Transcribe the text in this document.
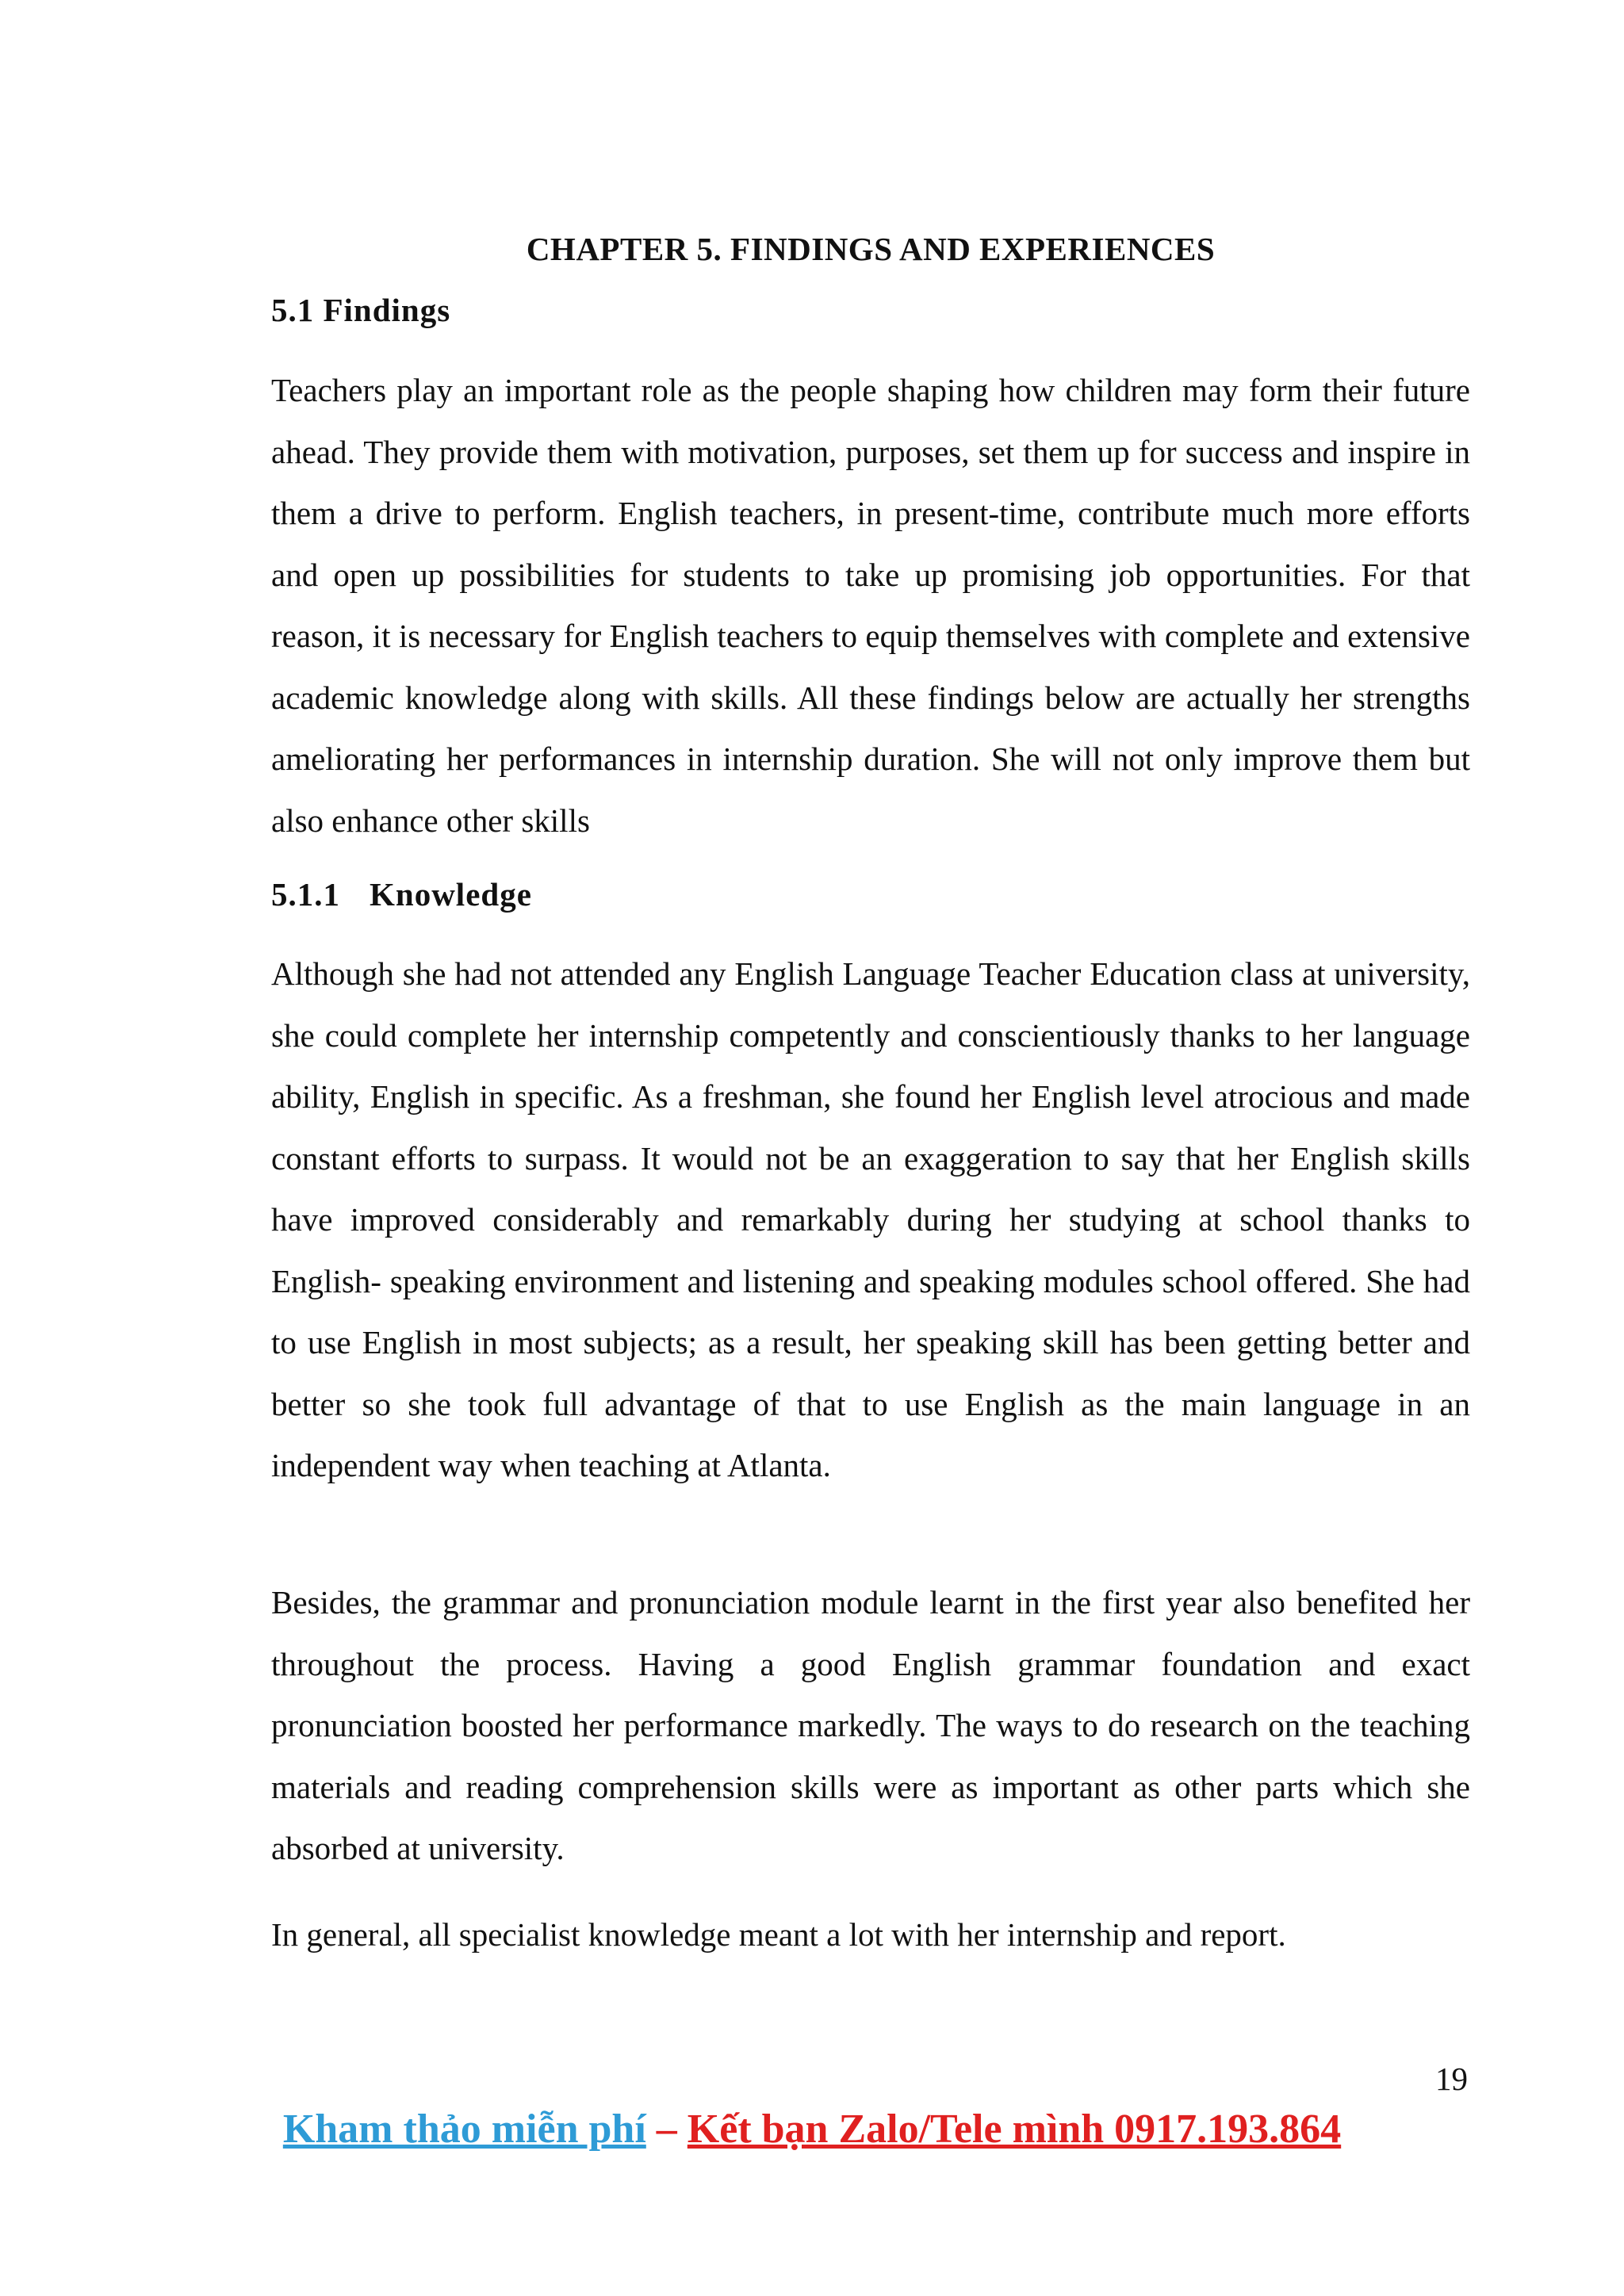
CHAPTER 5. FINDINGS AND EXPERIENCES
5.1 Findings

Teachers play an important role as the people shaping how children may form their future ahead. They provide them with motivation, purposes, set them up for success and inspire in them a drive to perform. English teachers, in present-time, contribute much more efforts and open up possibilities for students to take up promising job opportunities. For that reason, it is necessary for English teachers to equip themselves with complete and extensive academic knowledge along with skills. All these findings below are actually her strengths ameliorating her performances in internship duration. She will not only improve them but also enhance other skills

5.1.1 Knowledge

Although she had not attended any English Language Teacher Education class at university, she could complete her internship competently and conscientiously thanks to her language ability, English in specific. As a freshman, she found her English level atrocious and made constant efforts to surpass. It would not be an exaggeration to say that her English skills have improved considerably and remarkably during her studying at school thanks to English- speaking environment and listening and speaking modules school offered. She had to use English in most subjects; as a result, her speaking skill has been getting better and better so she took full advantage of that to use English as the main language in an independent way when teaching at Atlanta.

Besides, the grammar and pronunciation module learnt in the first year also benefited her throughout the process. Having a good English grammar foundation and exact pronunciation boosted her performance markedly. The ways to do research on the teaching materials and reading comprehension skills were as important as other parts which she absorbed at university.

In general, all specialist knowledge meant a lot with her internship and report.

19
Kham thảo miễn phí – Kết bạn Zalo/Tele mình 0917.193.864
